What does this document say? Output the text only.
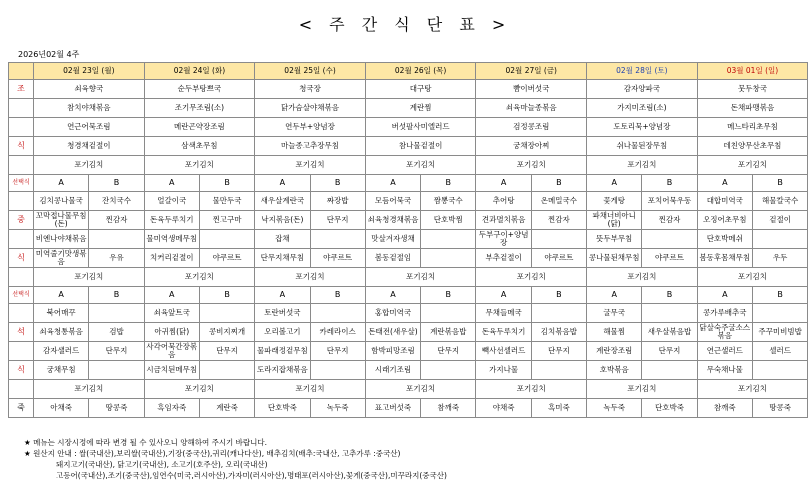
< 주 간 식 단 표 >
2026년02월 4주
	02월 23일 (월)		02월 24일 (화)		02월 25일 (수)		02월 26일 (목)		02월 27일 (금)		02월 28일 (토)		03월 01일 (일)	
조	쇠육향국		순두부탕쁘국		청국장		대구탕		뺨이버섯국		감자양파국		뭇두창국	
	참치야채볶음		조기무조림(소)		닭가슴살야채볶음		계란찜		쇠육마늘종볶음		가지미조림(소)		돈채파맹볶음	
	연근어묵조림		메란곤약장조림		연두부+양념장		버섯팔사미엘러드		검정콩조림		도토리묵+양념장		메느타리초무침	
식	청경채겉절이		삼색초무침		마늘종고추장무침		참나물겉절이		궁채장아찌		쉬나물된장무침		데친양무산초무침	
	포기김치		포기김치		포기김치		포기김치		포기김치		포기김치		포기김치	
선택식	A	B	A	B	A	B	A	B	A	B	A	B	A	B
	김치콩나물국	잔치국수	얼갈이국	물만두국	새우살계란국	짜장밥	모듬어묵국	짬뽕국수	추어탕	온메밀국수	꽃게탕	포치어묵우동	대합미역국	해물칼국수
중	꼬막접나물무침(돈)	찐감자	돈육두루치기	찐고구마	낙지볶음(돈)	단무지	쇠육청경채볶음	단호박찜	견과멸치볶음	찐감자	파채너비아니(닭)	찐감자	오징어초무침	겉절이
	비엔나야채볶음		물미역생메무침		잡채		맛살겨자생채		두부구이+양념장		뜻두부무침		단호박메쉬	
식	미역줄기맛생볶음	우유	치커리겉절이	야쿠르트	단무지채무침	야쿠르트	봄동겉절임		부추겉절이	야쿠르트	콩나물된채무침	야쿠르트	봄동후몸채무침	우두
	포기김치		포기김치		포기김치		포기김치		포기김치		포기김치		포기김치	
선택식	A	B	A	B	A	B	A	B	A	B	A	B	A	B
	북어매꾸		쇠육앞트국		토란버섯국		홍합미역국		무채들메국		굴무국		콩가루배추국	
석	쇠육청통볶음	검밥	아귀찜(닭)	콩비지찌개	오리볼고기	카레라이스	돈태전(새우살)	계란볶음밥	돈육두루치기	김치볶음밥	해물찜	새우살볶음밥	닭살숙주굴소스볶음	주꾸미비빔밥
	감자샐러드	단무지	사각어묵간장볶음	단무지	물파래정겉무침	단무지	함박피망조림	단무지	뺵사선셀러드	단무지	계란장조림	단무지	연근샐러드	셀러드
식	궁채무침		시금치된메무침		도라지잡채볶음		시래기조림		가지나물		호박볶음		무숙채나물	
	포기김치		포기김치		포기김치		포기김치		포기김치		포기김치		포기김치	
죽	아채죽	땅콩죽	흑임자죽	계란죽	단호박죽	녹두죽	표고버섯죽	참깨죽	야채죽	흑미죽	녹두죽	단호박죽	참깨죽	땅콩죽
★ 메뉴는 시장시정에 따라 변경 될 수 있사오니 양해하여 주시기 바랍니다.
★ 원산지 안내 : 쌀(국내산),보리쌀(국내산),기장(중국산),귀리(캐나다산), 배추김치(배추:국내산, 고추가루 :중국산)
돼지고기(국내산), 닭고기(국내산), 소고기(호주산), 오리(국내산)
고등어(국내산),조기(중국산),임연수(미국,러시아산),가자미(러시아산),명태포(러시아산),꽃게(중국산),미꾸라지(중국산)
